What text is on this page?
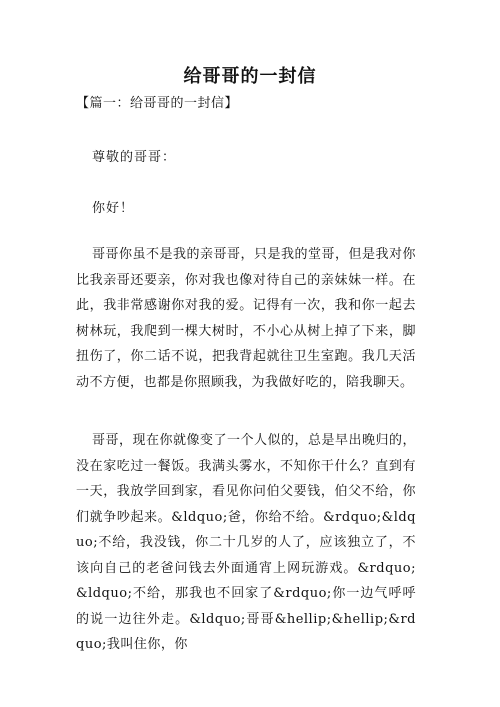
给哥哥的一封信
【篇一：给哥哥的一封信】
尊敬的哥哥：
你好！

哥哥你虽不是我的亲哥哥，只是我的堂哥，但是我对你比我亲哥还要亲，你对我也像对待自己的亲妹妹一样。在此，我非常感谢你对我的爱。记得有一次，我和你一起去树林玩，我爬到一棵大树时，不小心从树上掉了下来，脚扭伤了，你二话不说，把我背起就往卫生室跑。我几天活动不方便，也都是你照顾我，为我做好吃的，陪我聊天。

哥哥，现在你就像变了一个人似的，总是早出晚归的，没在家吃过一餐饭。我满头雾水，不知你干什么？直到有一天，我放学回到家，看见你问伯父要钱，伯父不给，你们就争吵起来。&ldquo;爸，你给不给。&rdquo;&ldquo;不给，我没钱，你二十几岁的人了，应该独立了，不该向自己的老爸问钱去外面通宵上网玩游戏。&rdquo;&ldquo;不给，那我也不回家了&rdquo;你一边气呼呼的说一边往外走。&ldquo;哥哥&hellip;&hellip;&rdquo;我叫住你，你
